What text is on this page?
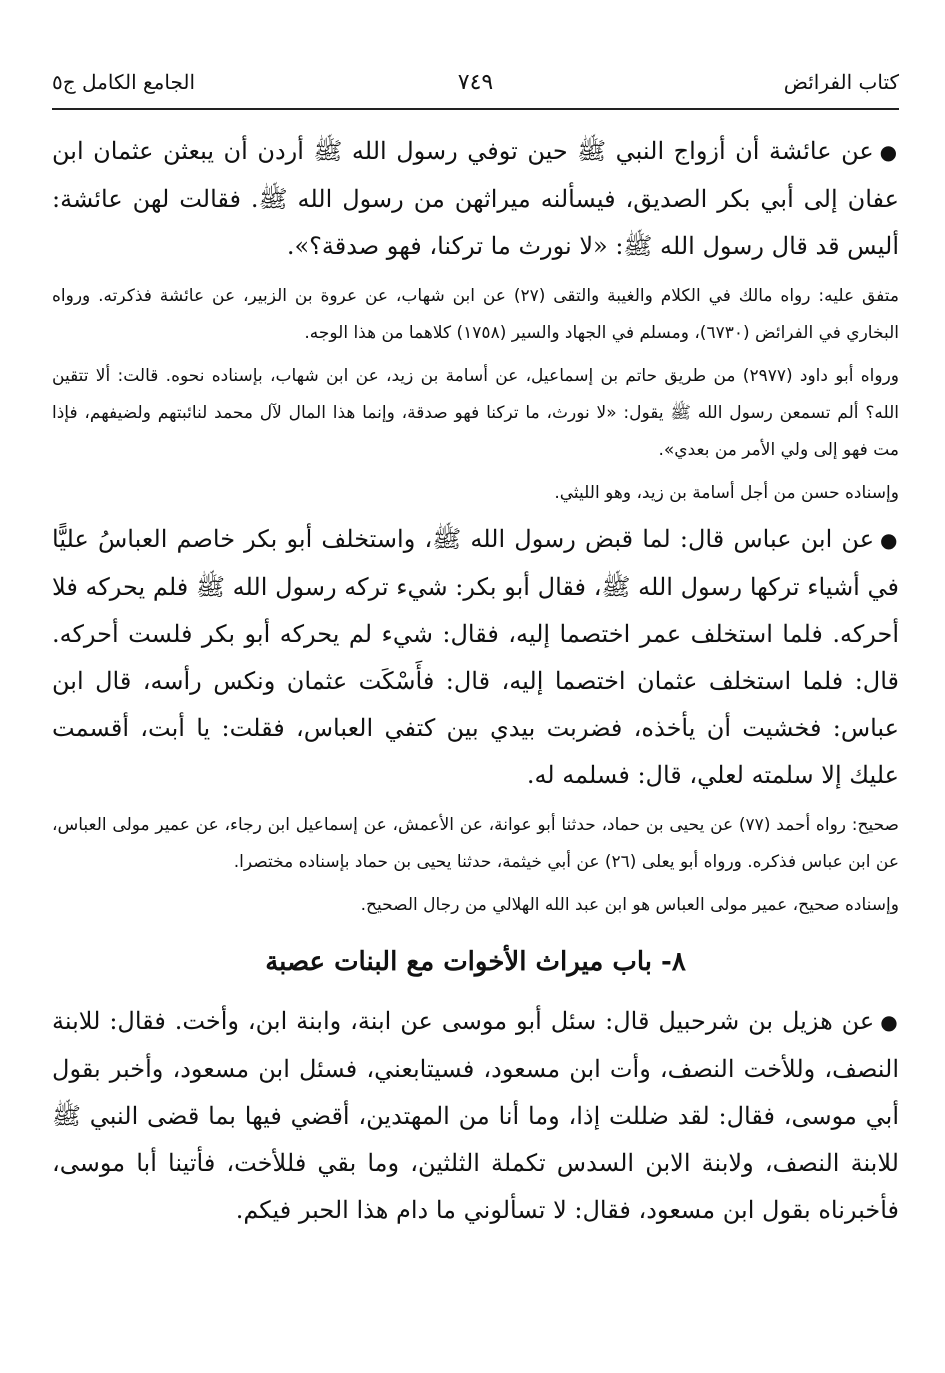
كتاب الفرائض
٧٤٩
الجامع الكامل ج٥

●عن عائشة أن أزواج النبي ﷺ حين توفي رسول الله ﷺ أردن أن يبعثن عثمان ابن عفان إلى أبي بكر الصديق، فيسألنه ميراثهن من رسول الله ﷺ. فقالت لهن عائشة: أليس قد قال رسول الله ﷺ: «لا نورث ما تركنا، فهو صدقة؟».

متفق عليه: رواه مالك في الكلام والغيبة والتقى (٢٧) عن ابن شهاب، عن عروة بن الزبير، عن عائشة فذكرته. ورواه البخاري في الفرائض (٦٧٣٠)، ومسلم في الجهاد والسير (١٧٥٨) كلاهما من هذا الوجه.

ورواه أبو داود (٢٩٧٧) من طريق حاتم بن إسماعيل، عن أسامة بن زيد، عن ابن شهاب، بإسناده نحوه. قالت: ألا تتقين الله؟ ألم تسمعن رسول الله ﷺ يقول: «لا نورث، ما تركنا فهو صدقة، وإنما هذا المال لآل محمد لنائبتهم ولضيفهم، فإذا مت فهو إلى ولي الأمر من بعدي».

وإسناده حسن من أجل أسامة بن زيد، وهو الليثي.

●عن ابن عباس قال: لما قبض رسول الله ﷺ، واستخلف أبو بكر خاصم العباسُ عليًّا في أشياء تركها رسول الله ﷺ، فقال أبو بكر: شيء تركه رسول الله ﷺ فلم يحركه فلا أحركه. فلما استخلف عمر اختصما إليه، فقال: شيء لم يحركه أبو بكر فلست أحركه. قال: فلما استخلف عثمان اختصما إليه، قال: فأَسْكَت عثمان ونكس رأسه، قال ابن عباس: فخشيت أن يأخذه، فضربت بيدي بين كتفي العباس، فقلت: يا أبت، أقسمت عليك إلا سلمته لعلي، قال: فسلمه له.

صحيح: رواه أحمد (٧٧) عن يحيى بن حماد، حدثنا أبو عوانة، عن الأعمش، عن إسماعيل ابن رجاء، عن عمير مولى العباس، عن ابن عباس فذكره. ورواه أبو يعلى (٢٦) عن أبي خيثمة، حدثنا يحيى بن حماد بإسناده مختصرا.

وإسناده صحيح، عمير مولى العباس هو ابن عبد الله الهلالي من رجال الصحيح.

٨- باب ميراث الأخوات مع البنات عصبة

●عن هزيل بن شرحبيل قال: سئل أبو موسى عن ابنة، وابنة ابن، وأخت. فقال: للابنة النصف، وللأخت النصف، وأت ابن مسعود، فسيتابعني، فسئل ابن مسعود، وأخبر بقول أبي موسى، فقال: لقد ضللت إذا، وما أنا من المهتدين، أقضي فيها بما قضى النبي ﷺ للابنة النصف، ولابنة الابن السدس تكملة الثلثين، وما بقي فللأخت، فأتينا أبا موسى، فأخبرناه بقول ابن مسعود، فقال: لا تسألوني ما دام هذا الحبر فيكم.
